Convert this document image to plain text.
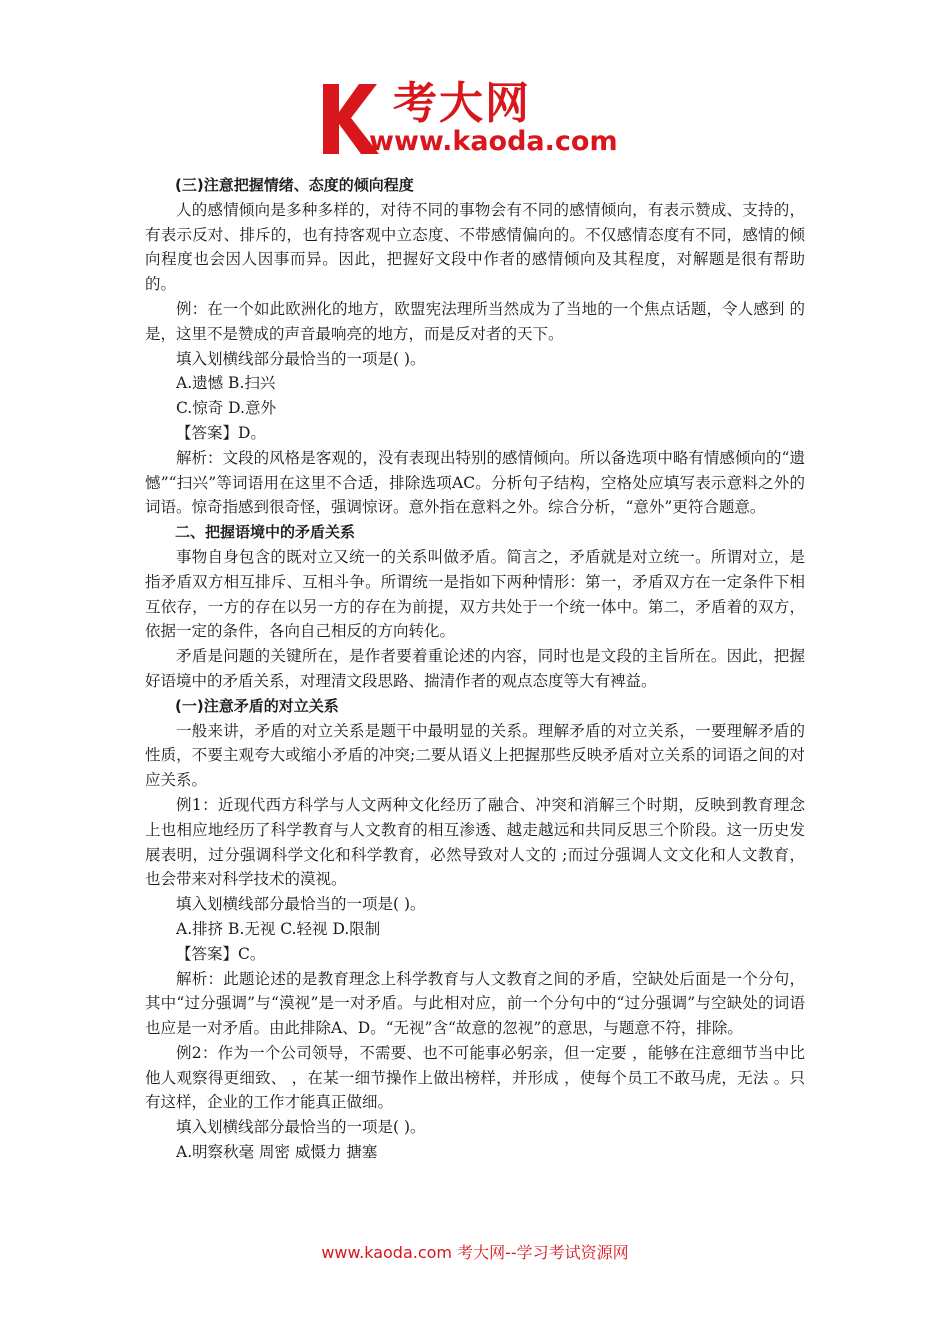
考大网
www.kaoda.com

(三)注意把握情绪、态度的倾向程度

人的感情倾向是多种多样的，对待不同的事物会有不同的感情倾向，有表示赞成、支持的，有表示反对、排斥的，也有持客观中立态度、不带感情偏向的。不仅感情态度有不同，感情的倾向程度也会因人因事而异。因此，把握好文段中作者的感情倾向及其程度，对解题是很有帮助的。

例：在一个如此欧洲化的地方，欧盟宪法理所当然成为了当地的一个焦点话题，令人感到 的是，这里不是赞成的声音最响亮的地方，而是反对者的天下。

填入划横线部分最恰当的一项是( )。

A.遗憾 B.扫兴

C.惊奇 D.意外

【答案】D。

解析：文段的风格是客观的，没有表现出特别的感情倾向。所以备选项中略有情感倾向的“遗憾”“扫兴”等词语用在这里不合适，排除选项AC。分析句子结构，空格处应填写表示意料之外的词语。惊奇指感到很奇怪，强调惊讶。意外指在意料之外。综合分析，“意外”更符合题意。

二、把握语境中的矛盾关系

事物自身包含的既对立又统一的关系叫做矛盾。简言之，矛盾就是对立统一。所谓对立，是指矛盾双方相互排斥、互相斗争。所谓统一是指如下两种情形：第一，矛盾双方在一定条件下相互依存，一方的存在以另一方的存在为前提，双方共处于一个统一体中。第二，矛盾着的双方，依据一定的条件，各向自己相反的方向转化。

矛盾是问题的关键所在，是作者要着重论述的内容，同时也是文段的主旨所在。因此，把握好语境中的矛盾关系，对理清文段思路、揣清作者的观点态度等大有裨益。

(一)注意矛盾的对立关系

一般来讲，矛盾的对立关系是题干中最明显的关系。理解矛盾的对立关系，一要理解矛盾的性质，不要主观夸大或缩小矛盾的冲突;二要从语义上把握那些反映矛盾对立关系的词语之间的对应关系。

例1：近现代西方科学与人文两种文化经历了融合、冲突和消解三个时期，反映到教育理念上也相应地经历了科学教育与人文教育的相互渗透、越走越远和共同反思三个阶段。这一历史发展表明，过分强调科学文化和科学教育，必然导致对人文的 ;而过分强调人文文化和人文教育，也会带来对科学技术的漠视。

填入划横线部分最恰当的一项是( )。

A.排挤 B.无视 C.轻视 D.限制

【答案】C。

解析：此题论述的是教育理念上科学教育与人文教育之间的矛盾，空缺处后面是一个分句，其中“过分强调”与“漠视”是一对矛盾。与此相对应，前一个分句中的“过分强调”与空缺处的词语也应是一对矛盾。由此排除A、D。“无视”含“故意的忽视”的意思，与题意不符，排除。

例2：作为一个公司领导，不需要、也不可能事必躬亲，但一定要 ，能够在注意细节当中比他人观察得更细致、 ，在某一细节操作上做出榜样，并形成 ，使每个员工不敢马虎，无法 。只有这样，企业的工作才能真正做细。

填入划横线部分最恰当的一项是( )。

A.明察秋毫 周密 威慑力 搪塞

www.kaoda.com 考大网--学习考试资源网
